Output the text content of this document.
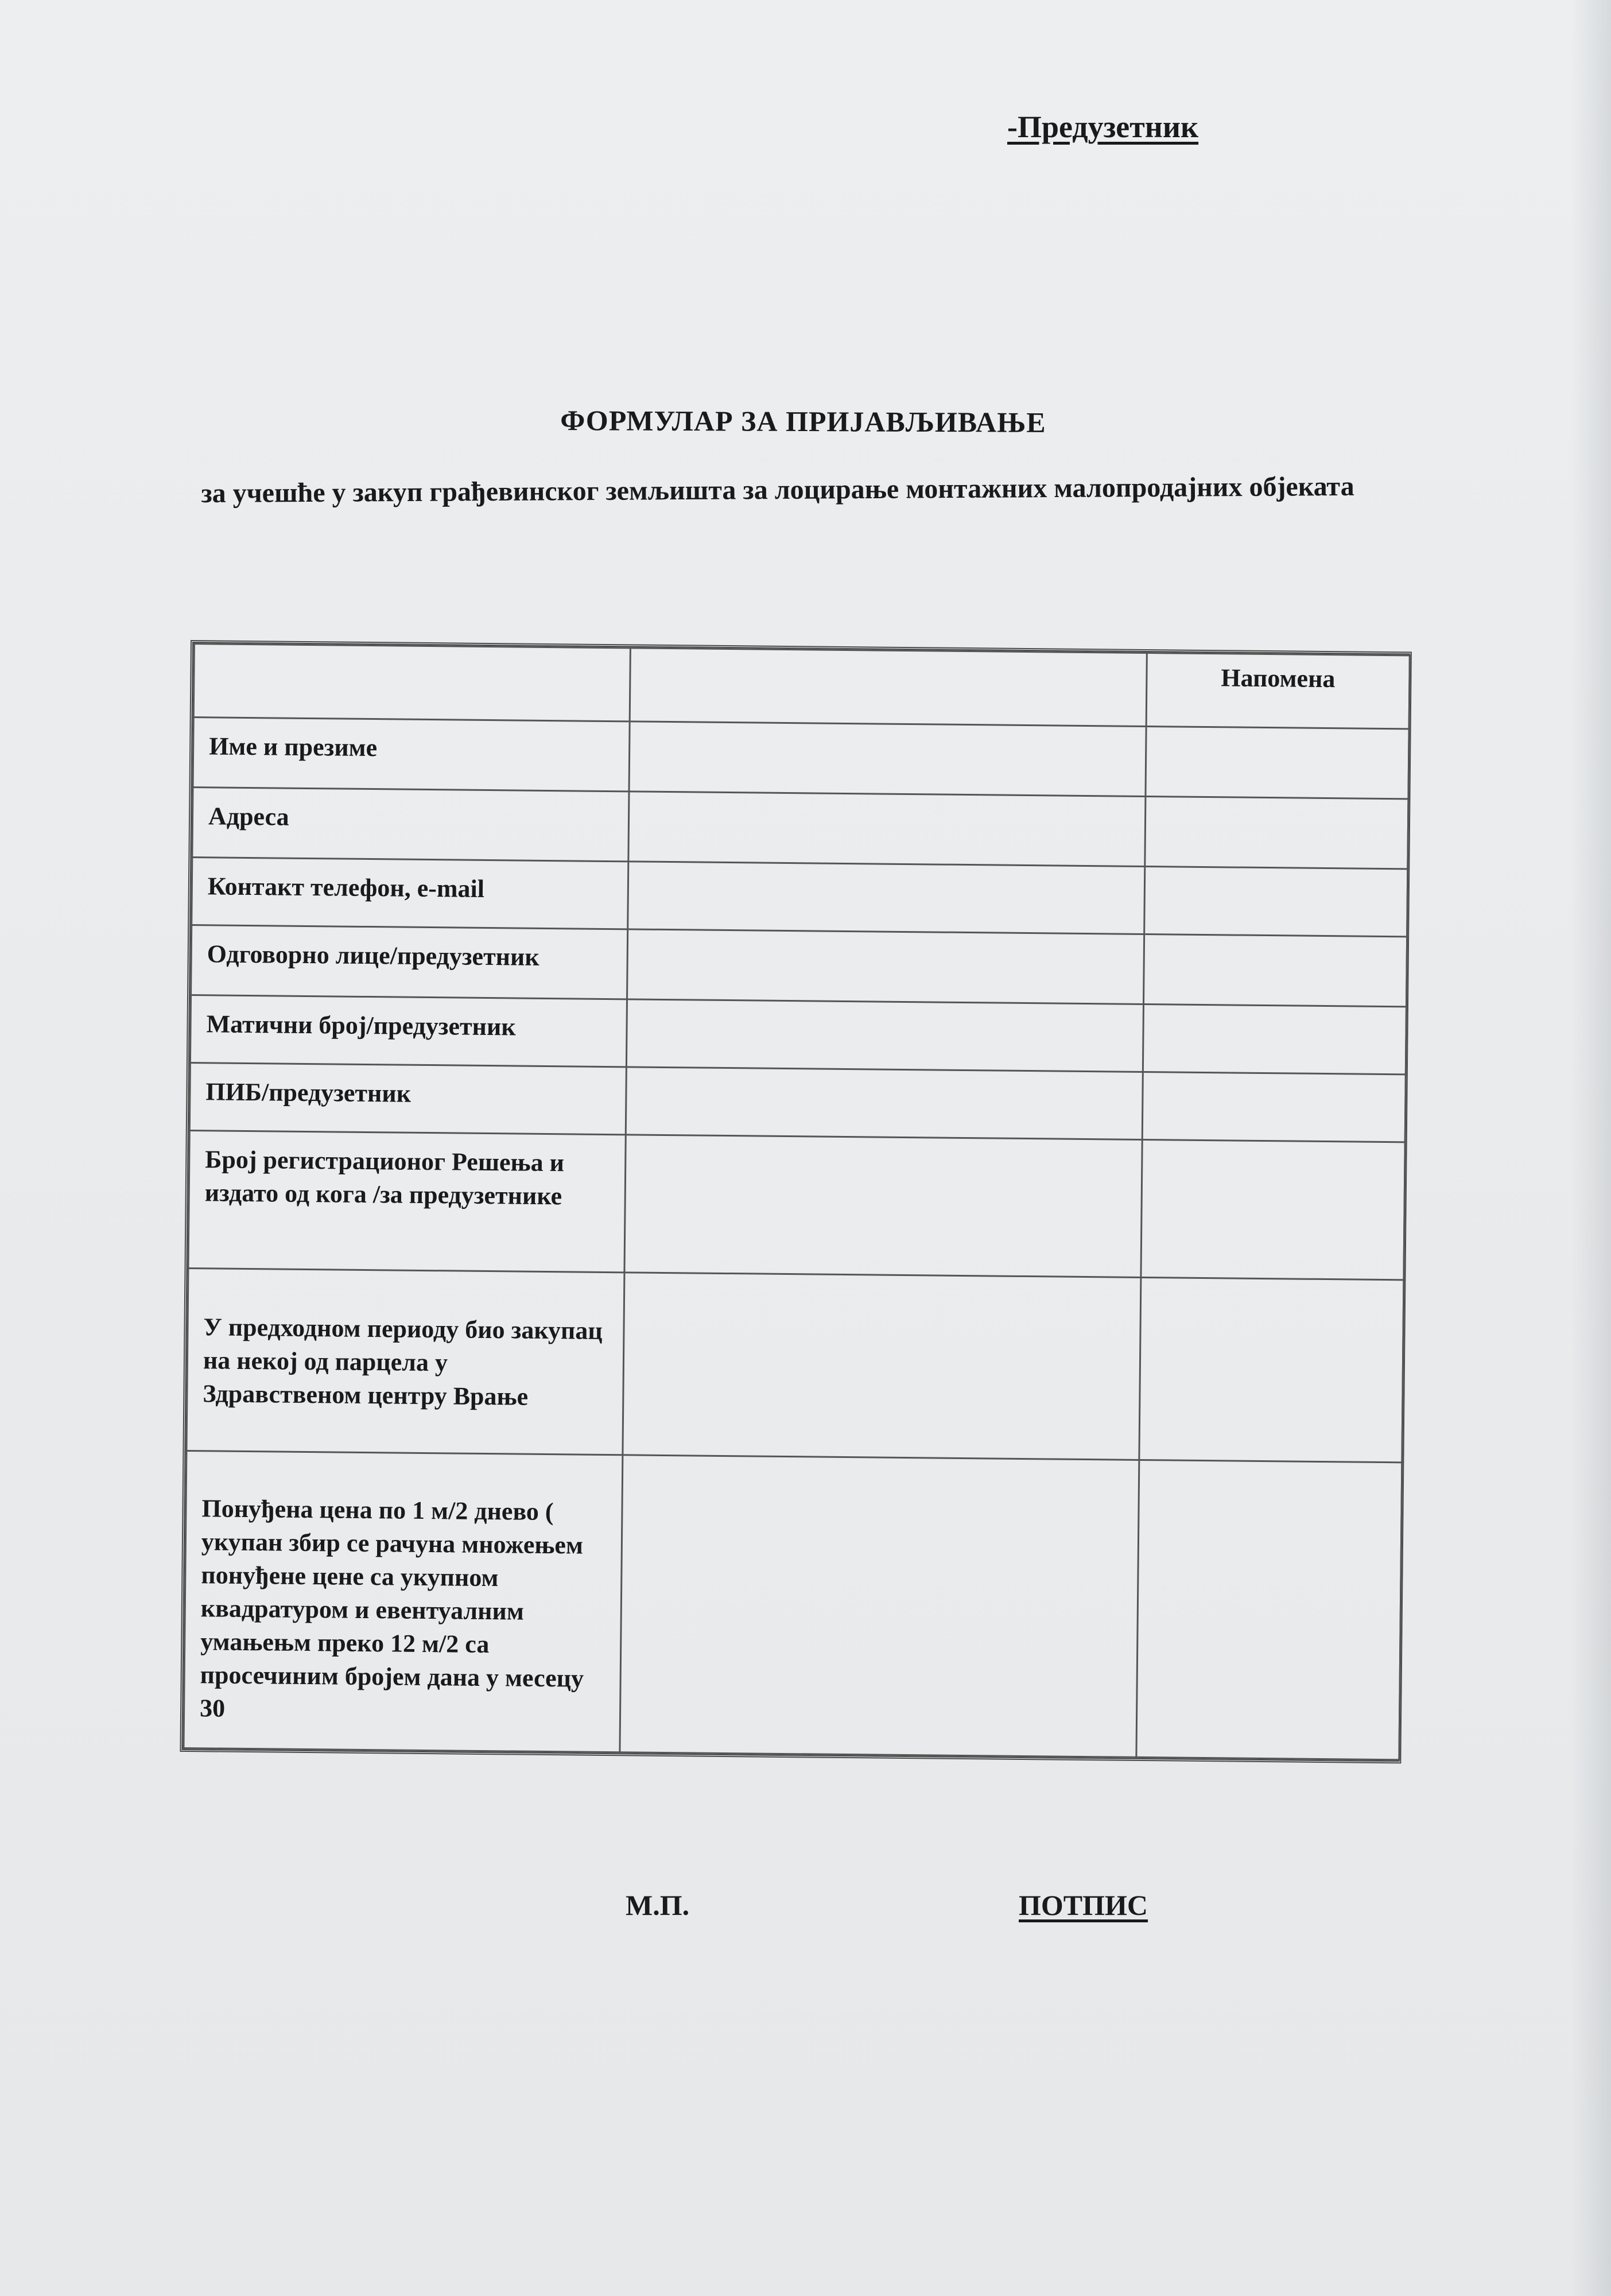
-Предузетник
ФОРМУЛАР ЗА ПРИЈАВЉИВАЊЕ
за учешће у закуп грађевинског земљишта за лоцирање монтажних малопродајних објеката
		Напомена
Име и презиме		
Адреса		
Контакт телефон, e-mail		
Одговорно лице/предузетник		
Матични број/предузетник		
ПИБ/предузетник		
Број регистрационог Решења и издато од кога /за предузетнике		
У предходном периоду био закупац на некој од парцела у Здравственом центру Врање		
Понуђена цена по 1 м/2 днево ( укупан збир се рачуна множењем понуђене цене са укупном квадратуром и евентуалним умањењм преко 12 м/2 са просечиним бројем дана у месецу 30		
М.П.	ПОТПИС
